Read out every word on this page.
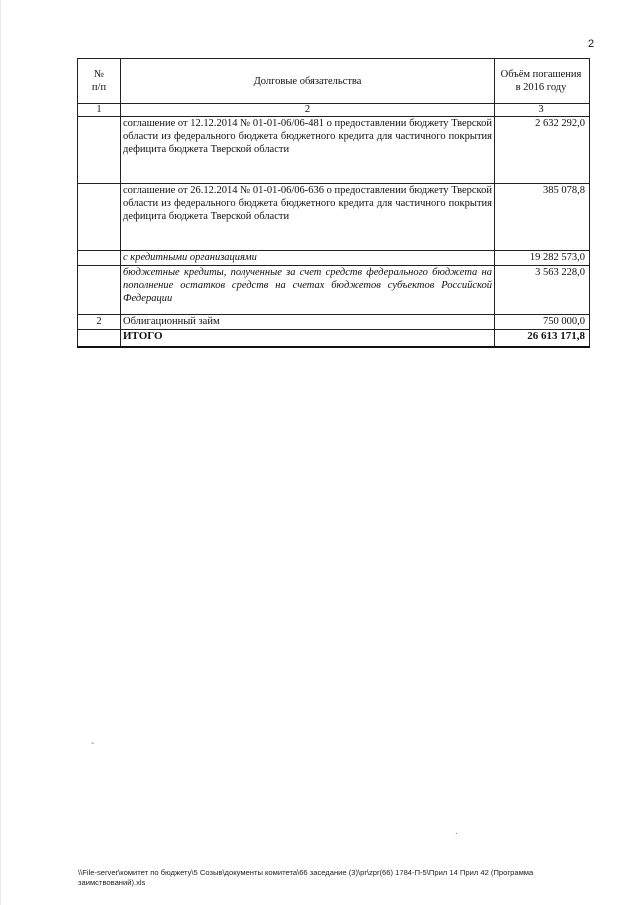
2
№
п/п	Долговые обязательства	Объём погашения
в 2016 году
1	2	3
	соглашение от 12.12.2014 № 01-01-06/06-481 о предоставлении бюджету Тверской области из федерального бюджета бюджетного кредита для частичного покрытия дефицита бюджета Тверской области	2 632 292,0
	соглашение от 26.12.2014 № 01-01-06/06-636 о предоставлении бюджету Тверской области из федерального бюджета бюджетного кредита для частичного покрытия дефицита бюджета Тверской области	385 078,8
	с кредитными организациями	19 282 573,0
	бюджетные кредиты, полученные за счет средств федерального бюджета на пополнение остатков средств на счетах бюджетов субъектов Российской Федерации	3 563 228,0
2	Облигационный займ	750 000,0
	ИТОГО	26 613 171,8
-
.
\\File-server\комитет по бюджету\5 Созыв\документы комитета\66 заседание (3)\pr\zpr(66) 1784-П-5\Прил 14 Прил 42 (Программа заимствований).xls
